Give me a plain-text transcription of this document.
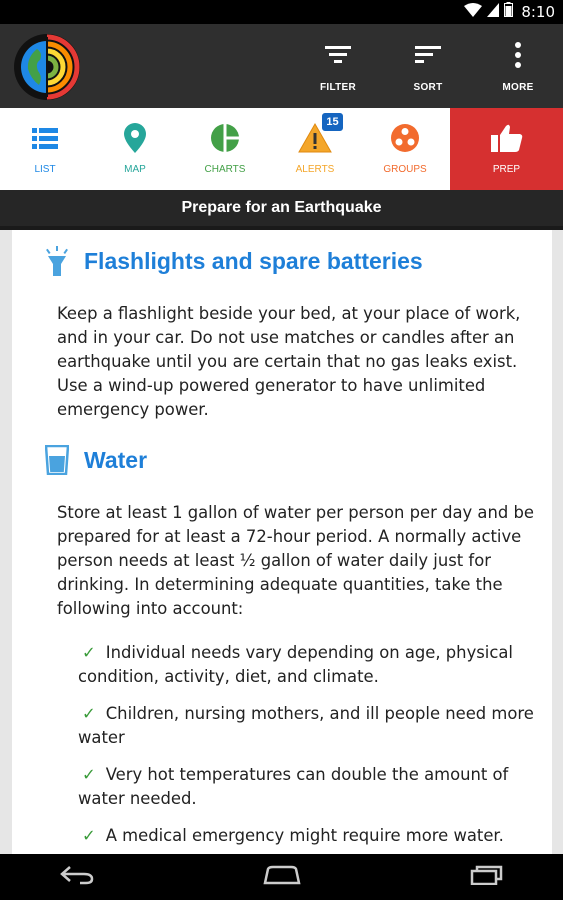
8:10
FILTER	SORT	MORE
LIST	MAP	CHARTS
15
ALERTS	GROUPS	PREP
Prepare for an Earthquake
Flashlights and spare batteries

Keep a flashlight beside your bed, at your place of work, and in your car. Do not use matches or candles after an earthquake until you are certain that no gas leaks exist. Use a wind-up powered generator to have unlimited emergency power.

Water

Store at least 1 gallon of water per person per day and be prepared for at least a 72-hour period. A normally active person needs at least ½ gallon of water daily just for drinking. In determining adequate quantities, take the following into account:

✓ Individual needs vary depending on age, physical condition, activity, diet, and climate.
✓ Children, nursing mothers, and ill people need more water
✓ Very hot temperatures can double the amount of water needed.
✓ A medical emergency might require more water.
